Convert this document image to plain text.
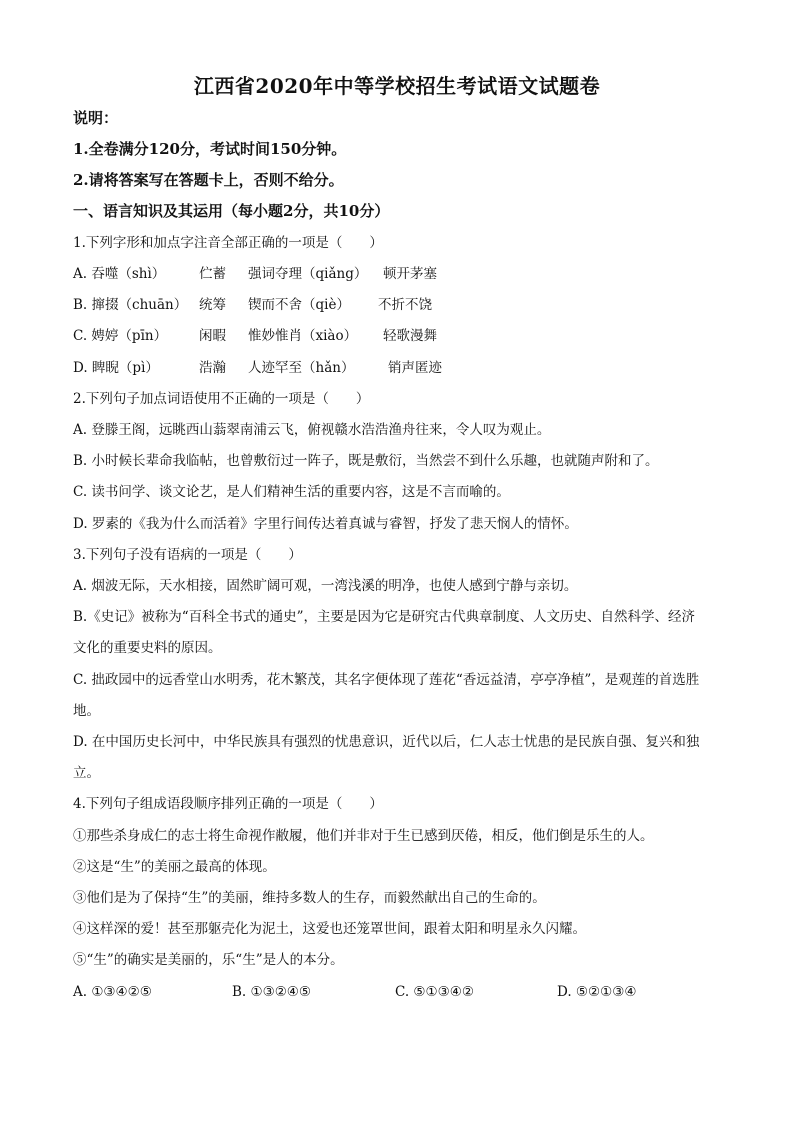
江西省2020年中等学校招生考试语文试题卷
说明：
1.全卷满分120分，考试时间150分钟。
2.请将答案写在答题卡上，否则不给分。
一、语言知识及其运用（每小题2分，共10分）
1.下列字形和加点字注音全部正确的一项是（　　）
A. 吞噬（shì） 伫蓄 强词夺理（qiǎng） 顿开茅塞
B. 撺掇（chuān） 统筹 锲而不舍（qiè） 不折不饶
C. 娉婷（pīn） 闲暇 惟妙惟肖（xiào） 轻歌漫舞
D. 睥睨（pì）	浩瀚 人迹罕至（hǎn） 销声匿迹
2.下列句子加点词语使用不正确的一项是（　　）
A. 登滕王阁，远眺西山蓊翠南浦云飞，俯视赣水浩浩渔舟往来，令人叹为观止。
B. 小时候长辈命我临帖，也曾敷衍过一阵子，既是敷衍，当然尝不到什么乐趣，也就随声附和了。
C. 读书问学、谈文论艺，是人们精神生活的重要内容，这是不言而喻的。
D. 罗素的《我为什么而活着》字里行间传达着真诚与睿智，抒发了悲天悯人的情怀。
3.下列句子没有语病的一项是（　　）
A. 烟波无际，天水相接，固然旷阔可观，一湾浅溪的明净，也使人感到宁静与亲切。
B.《史记》被称为“百科全书式的通史”，主要是因为它是研究古代典章制度、人文历史、自然科学、经济
文化的重要史料的原因。
C. 拙政园中的远香堂山水明秀，花木繁茂，其名字便体现了莲花“香远益清，亭亭净植”，是观莲的首选胜
地。
D. 在中国历史长河中，中华民族具有强烈的忧患意识，近代以后，仁人志士忧患的是民族自强、复兴和独
立。
4.下列句子组成语段顺序排列正确的一项是（　　）
①那些杀身成仁的志士将生命视作敝履，他们并非对于生已感到厌倦，相反，他们倒是乐生的人。
②这是“生”的美丽之最高的体现。
③他们是为了保持“生”的美丽，维持多数人的生存，而毅然献出自己的生命的。
④这样深的爱！甚至那躯壳化为泥土，这爱也还笼罩世间，跟着太阳和明星永久闪耀。
⑤“生”的确实是美丽的，乐“生”是人的本分。
A. ①③④②⑤	B. ①③②④⑤	C. ⑤①③④②	D. ⑤②①③④
